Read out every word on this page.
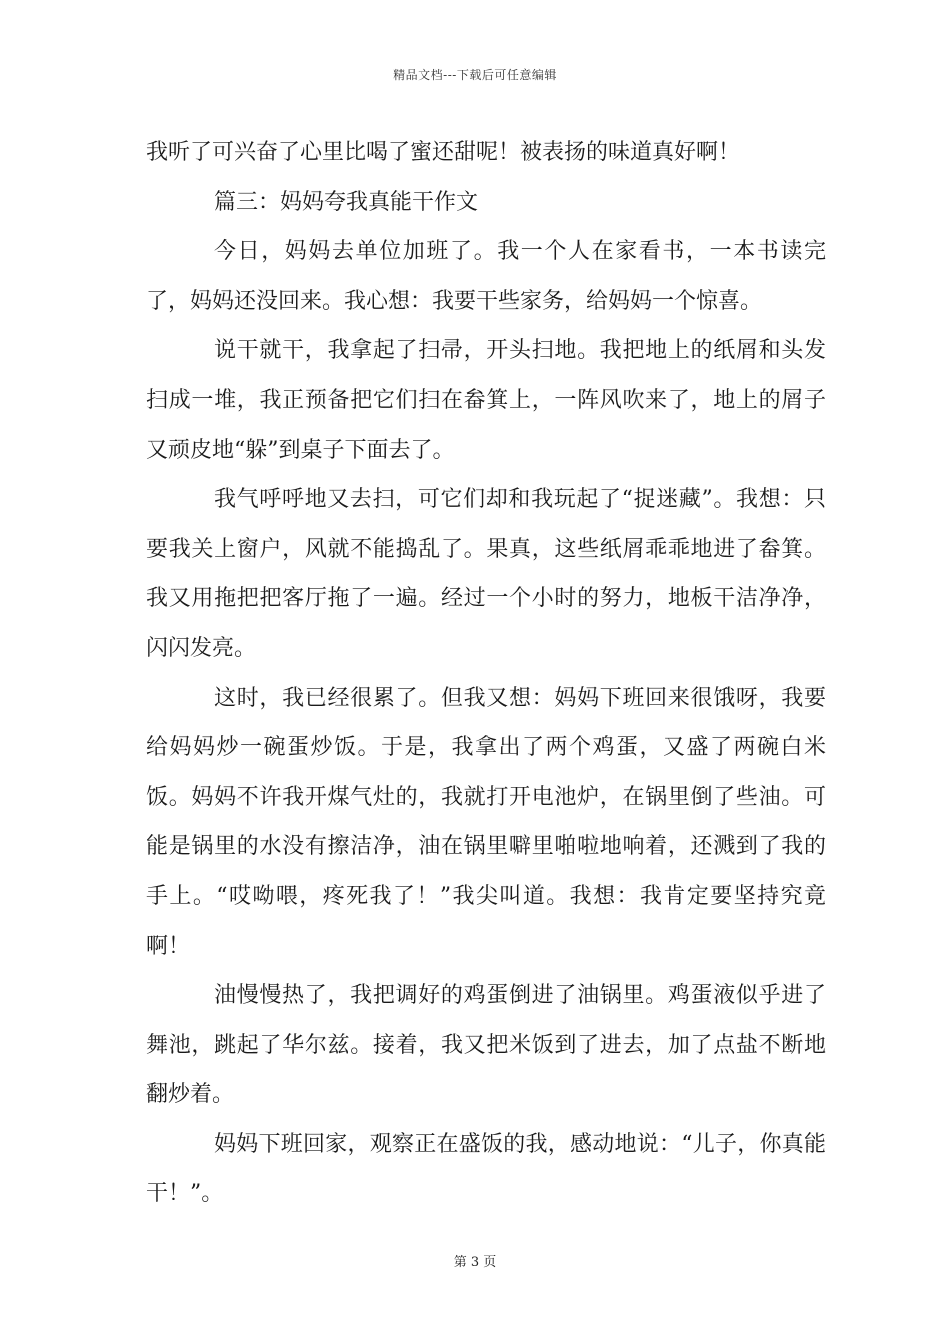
精品文档---下载后可任意编辑

我听了可兴奋了心里比喝了蜜还甜呢！被表扬的味道真好啊！

篇三：妈妈夸我真能干作文

今日，妈妈去单位加班了。我一个人在家看书，一本书读完了，妈妈还没回来。我心想：我要干些家务，给妈妈一个惊喜。

说干就干，我拿起了扫帚，开头扫地。我把地上的纸屑和头发扫成一堆，我正预备把它们扫在畚箕上，一阵风吹来了，地上的屑子又顽皮地“躲”到桌子下面去了。

我气呼呼地又去扫，可它们却和我玩起了“捉迷藏”。我想：只要我关上窗户，风就不能捣乱了。果真，这些纸屑乖乖地进了畚箕。我又用拖把把客厅拖了一遍。经过一个小时的努力，地板干洁净净，闪闪发亮。

这时，我已经很累了。但我又想：妈妈下班回来很饿呀，我要给妈妈炒一碗蛋炒饭。于是，我拿出了两个鸡蛋，又盛了两碗白米饭。妈妈不许我开煤气灶的，我就打开电池炉，在锅里倒了些油。可能是锅里的水没有擦洁净，油在锅里噼里啪啦地响着，还溅到了我的手上。“哎呦喂，疼死我了！”我尖叫道。我想：我肯定要坚持究竟啊！

油慢慢热了，我把调好的鸡蛋倒进了油锅里。鸡蛋液似乎进了舞池，跳起了华尔兹。接着，我又把米饭到了进去，加了点盐不断地翻炒着。

妈妈下班回家，观察正在盛饭的我，感动地说：“儿子，你真能干！”。

第 3 页
